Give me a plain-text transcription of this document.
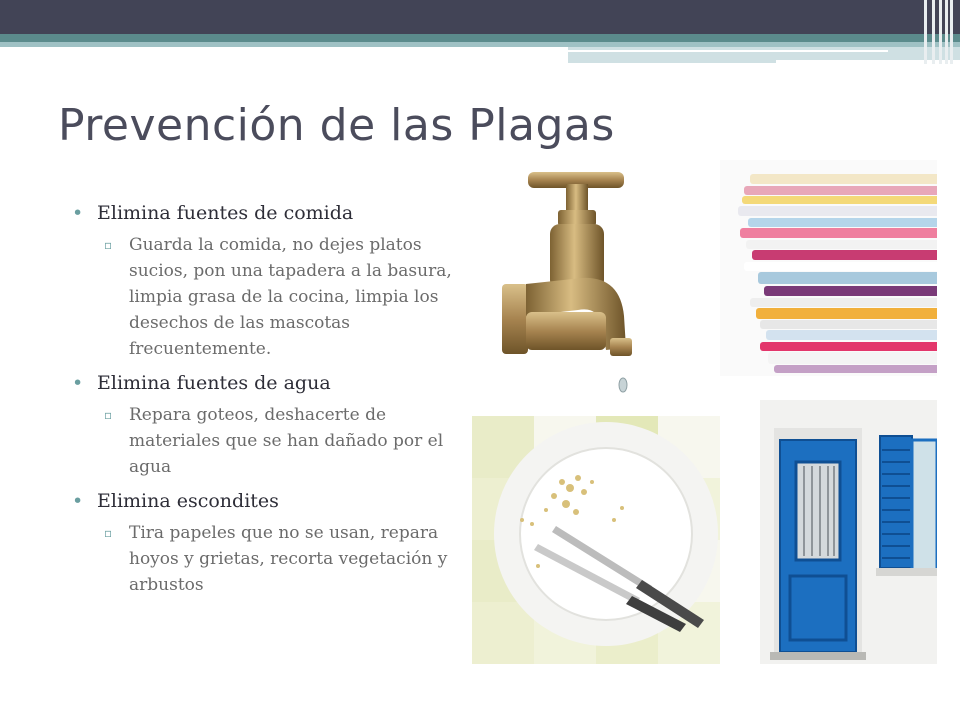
Prevención de las Plagas
• Elimina fuentes de comida
▫ Guarda la comida, no dejes platos sucios, pon una tapadera a la basura, limpia grasa de la cocina, limpia los desechos de las mascotas frecuentemente.
• Elimina fuentes de agua
▫ Repara goteos, deshacerte de materiales que se han dañado por el agua
• Elimina escondites
▫ Tira papeles que no se usan, repara hoyos y grietas, recorta vegetación y arbustos
